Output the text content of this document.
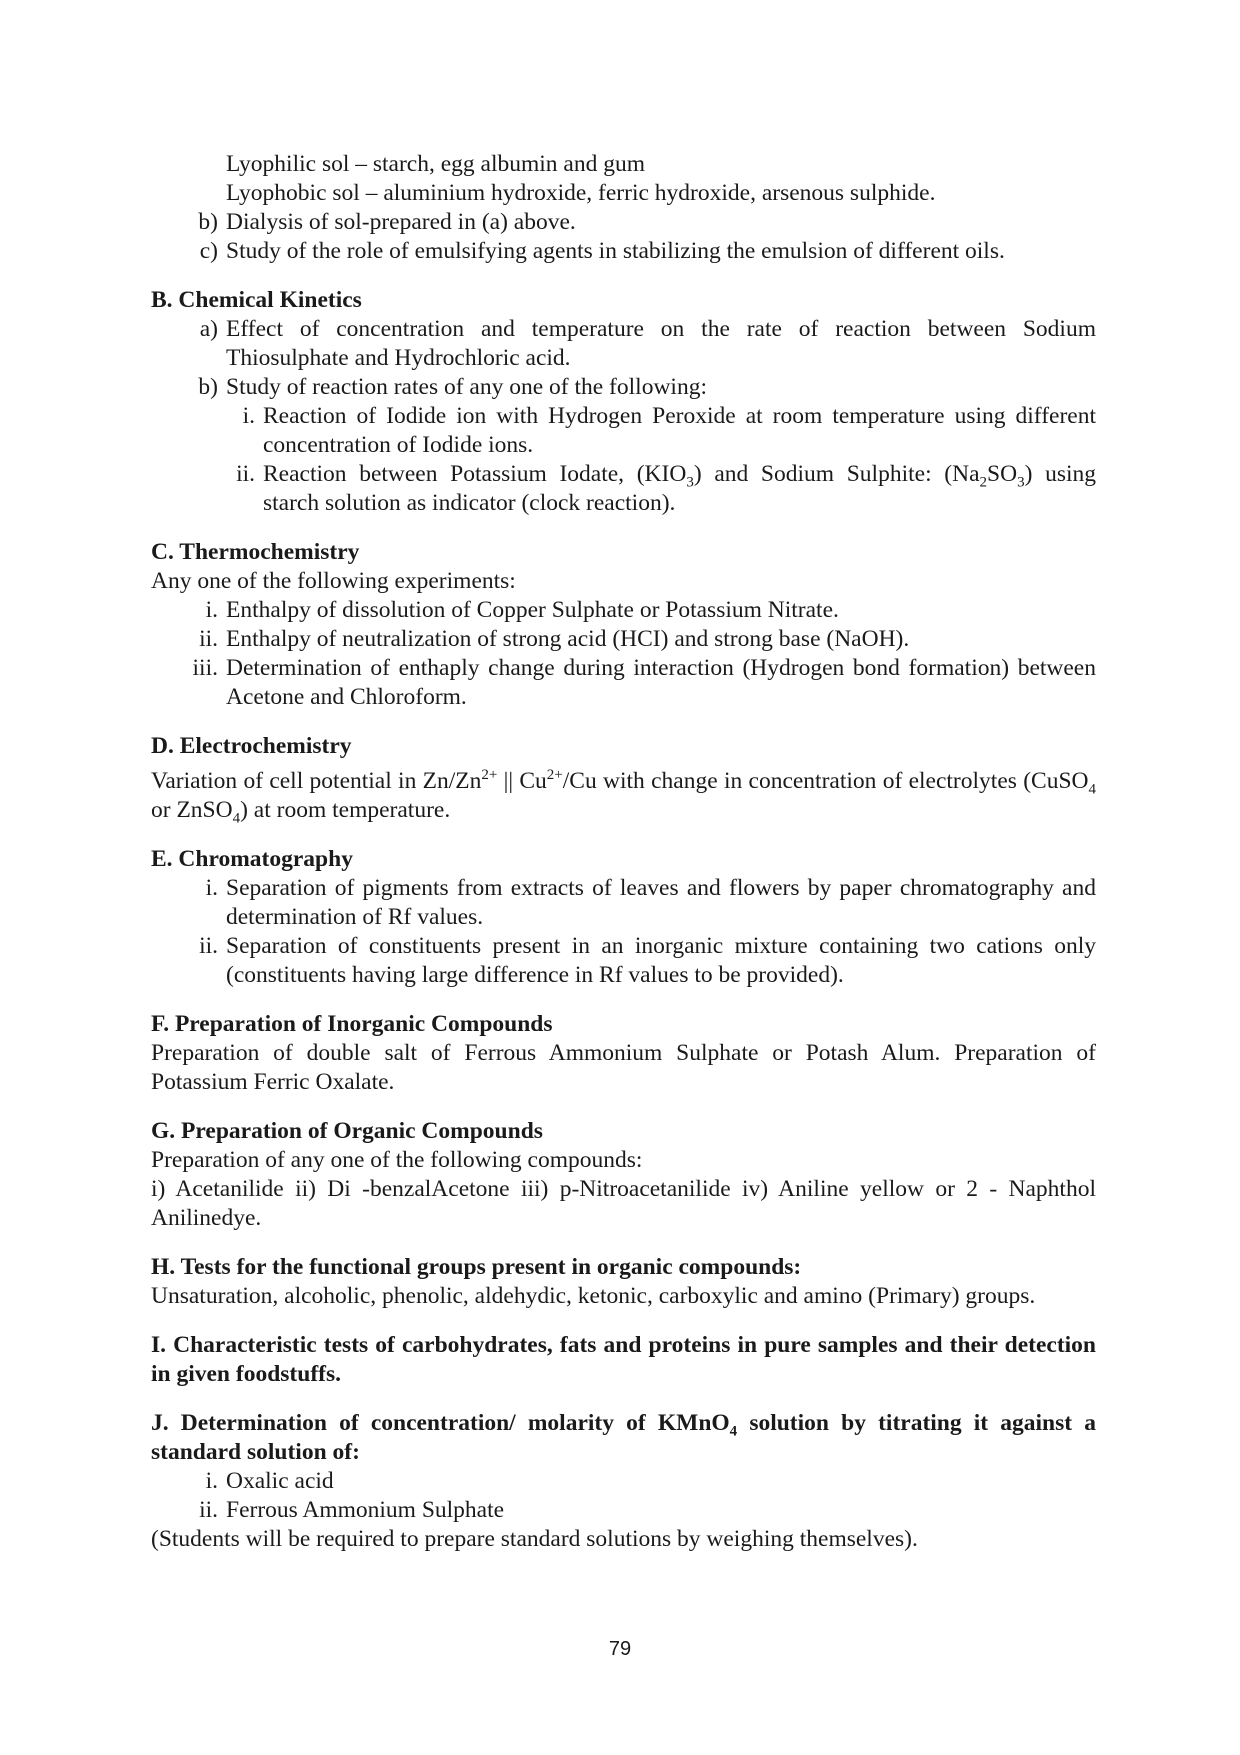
Lyophilic sol – starch, egg albumin and gum

Lyophobic sol – aluminium hydroxide, ferric hydroxide, arsenous sulphide.

b) Dialysis of sol-prepared in (a) above.
c) Study of the role of emulsifying agents in stabilizing the emulsion of different oils.

B. Chemical Kinetics

a) Effect of concentration and temperature on the rate of reaction between Sodium Thiosulphate and Hydrochloric acid.
b) Study of reaction rates of any one of the following:
i. Reaction of Iodide ion with Hydrogen Peroxide at room temperature using different concentration of Iodide ions.
ii. Reaction between Potassium Iodate, $(KIO_3)$ and Sodium Sulphite: $(Na_2SO_3)$ using starch solution as indicator (clock reaction).

C. Thermochemistry

Any one of the following experiments:

i. Enthalpy of dissolution of Copper Sulphate or Potassium Nitrate.
ii. Enthalpy of neutralization of strong acid (HCI) and strong base (NaOH).
iii. Determination of enthaply change during interaction (Hydrogen bond formation) between Acetone and Chloroform.

D. Electrochemistry

Variation of cell potential in $Zn/Zn^{2+}$ || $Cu^{2+}/Cu$ with change in concentration of electrolytes (CuSO$_4$ or ZnSO$_4$) at room temperature.

E. Chromatography

i. Separation of pigments from extracts of leaves and flowers by paper chromatography and determination of Rf values.
ii. Separation of constituents present in an inorganic mixture containing two cations only (constituents having large difference in Rf values to be provided).

F. Preparation of Inorganic Compounds

Preparation of double salt of Ferrous Ammonium Sulphate or Potash Alum. Preparation of Potassium Ferric Oxalate.

G. Preparation of Organic Compounds

Preparation of any one of the following compounds:

i) Acetanilide ii) Di -benzalAcetone iii) p-Nitroacetanilide iv) Aniline yellow or 2 - Naphthol Anilinedye.

H. Tests for the functional groups present in organic compounds:

Unsaturation, alcoholic, phenolic, aldehydic, ketonic, carboxylic and amino (Primary) groups.

I. Characteristic tests of carbohydrates, fats and proteins in pure samples and their detection in given foodstuffs.

J. Determination of concentration/ molarity of KMnO$_4$ solution by titrating it against a standard solution of:

i. Oxalic acid
ii. Ferrous Ammonium Sulphate

(Students will be required to prepare standard solutions by weighing themselves).

79
